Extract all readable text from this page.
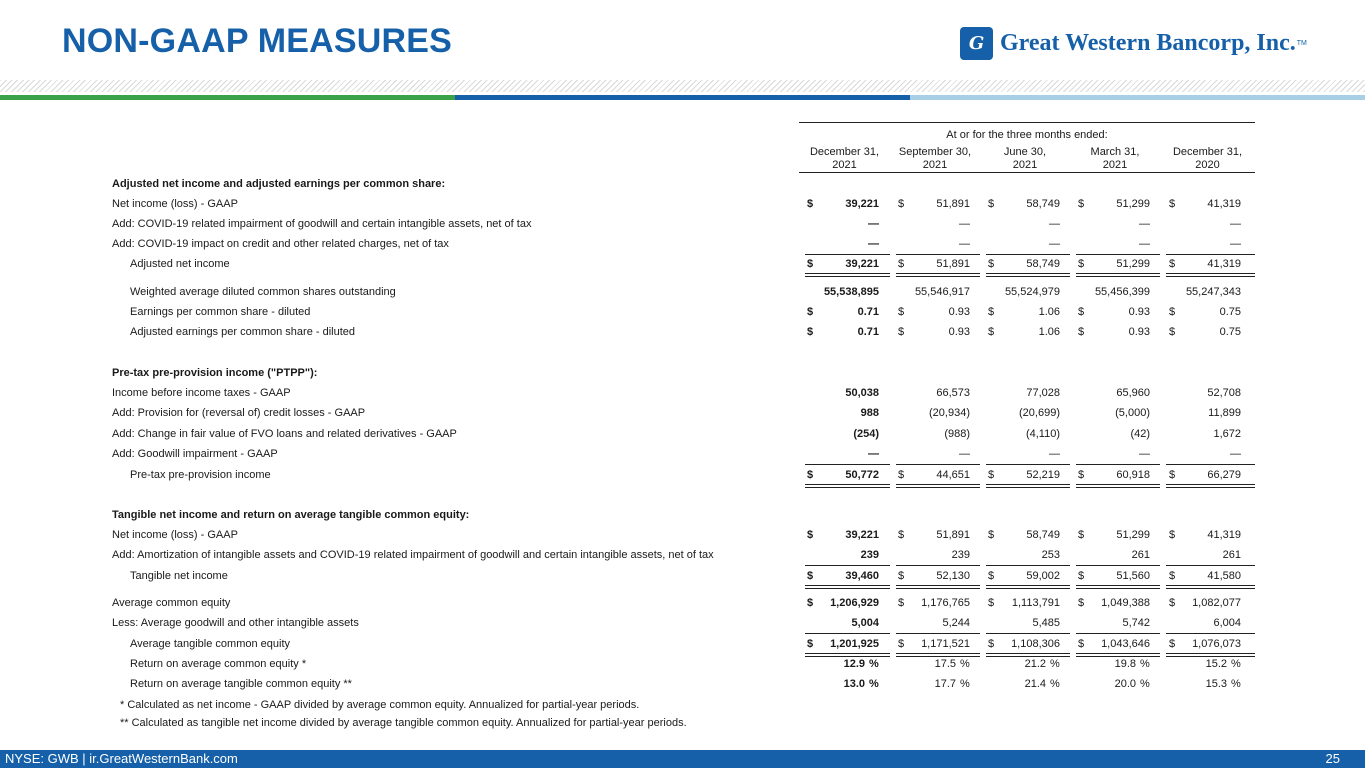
NON-GAAP MEASURES	G Great Western Bancorp, Inc. TM
At or for the three months ended:
December 31,
2021
September 30,
2021
June 30,
2021
March 31,
2021
December 31,
2020
Adjusted net income and adjusted earnings per common share:
Net income (loss) - GAAP	$	39,221 $	51,891 $	58,749 $	51,299 $	41,319
Add: COVID-19 related impairment of goodwill and certain intangible assets, net of tax	—	—	—	—	—
Add: COVID-19 impact on credit and other related charges, net of tax	—	—	—	—	—
Adjusted net income	$	39,221 $	51,891 $	58,749 $	51,299 $	41,319
Weighted average diluted common shares outstanding	55,538,895	55,546,917	55,524,979	55,456,399	55,247,343
Earnings per common share - diluted	$	0.71 $	0.93 $	1.06 $	0.93 $	0.75
Adjusted earnings per common share - diluted	$	0.71 $	0.93 $	1.06 $	0.93 $	0.75
Pre-tax pre-provision income ("PTPP"):
Income before income taxes - GAAP	50,038	66,573	77,028	65,960	52,708
Add: Provision for (reversal of) credit losses - GAAP	988	(20,934)	(20,699)	(5,000)	11,899
Add: Change in fair value of FVO loans and related derivatives - GAAP	(254)	(988)	(4,110)	(42)	1,672
Add: Goodwill impairment - GAAP	—	—	—	—	—
Pre-tax pre-provision income	$	50,772 $	44,651 $	52,219 $	60,918 $	66,279
Tangible net income and return on average tangible common equity:
Net income (loss) - GAAP	$	39,221 $	51,891 $	58,749 $	51,299 $	41,319
Add: Amortization of intangible assets and COVID-19 related impairment of goodwill and certain intangible assets, net of tax	239	239	253	261	261
Tangible net income	$	39,460 $	52,130 $	59,002 $	51,560 $	41,580
Average common equity	$ 1,206,929 $ 1,176,765 $ 1,113,791 $ 1,049,388 $ 1,082,077
Less: Average goodwill and other intangible assets	5,004	5,244	5,485	5,742	6,004
Average tangible common equity	$ 1,201,925 $ 1,171,521 $ 1,108,306 $ 1,043,646 $ 1,076,073
Return on average common equity *	12.9 %	17.5 %	21.2 %	19.8 %	15.2 %
Return on average tangible common equity **	13.0 %	17.7 %	21.4 %	20.0 %	15.3 %
* Calculated as net income - GAAP divided by average common equity. Annualized for partial-year periods.
** Calculated as tangible net income divided by average tangible common equity. Annualized for partial-year periods.
NYSE: GWB | ir.GreatWesternBank.com	25
